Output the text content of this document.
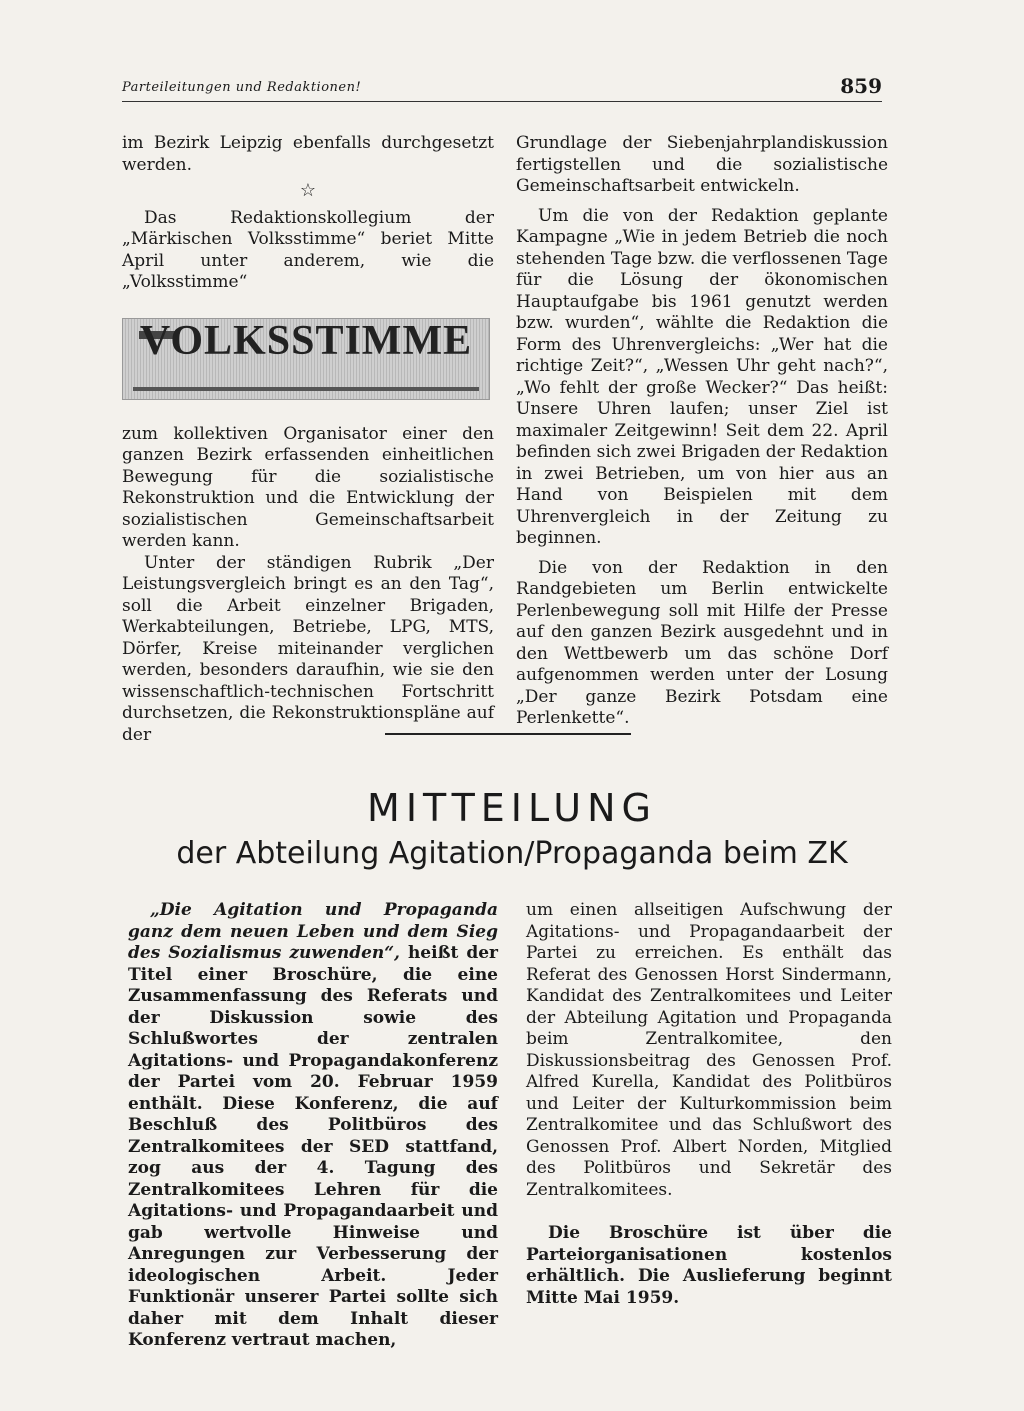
Parteileitungen und Redaktionen!	859

im Bezirk Leipzig ebenfalls durchgesetzt werden.

☆

Das Redaktionskollegium der „Märkischen Volksstimme“ beriet Mitte April unter anderem, wie die „Volksstimme“

VOLKSSTIMME

zum kollektiven Organisator einer den ganzen Bezirk erfassenden einheitlichen Bewegung für die sozialistische Rekonstruktion und die Entwicklung der sozialistischen Gemeinschaftsarbeit werden kann.

Unter der ständigen Rubrik „Der Leistungsvergleich bringt es an den Tag“, soll die Arbeit einzelner Brigaden, Werkabteilungen, Betriebe, LPG, MTS, Dörfer, Kreise miteinander verglichen werden, besonders daraufhin, wie sie den wissenschaftlich-technischen Fortschritt durchsetzen, die Rekonstruktionspläne auf der

Grundlage der Siebenjahrplandiskussion fertigstellen und die sozialistische Gemeinschaftsarbeit entwickeln.

Um die von der Redaktion geplante Kampagne „Wie in jedem Betrieb die noch stehenden Tage bzw. die verflossenen Tage für die Lösung der ökonomischen Hauptaufgabe bis 1961 genutzt werden bzw. wurden“, wählte die Redaktion die Form des Uhrenvergleichs: „Wer hat die richtige Zeit?“, „Wessen Uhr geht nach?“, „Wo fehlt der große Wecker?“ Das heißt: Unsere Uhren laufen; unser Ziel ist maximaler Zeitgewinn! Seit dem 22. April befinden sich zwei Brigaden der Redaktion in zwei Betrieben, um von hier aus an Hand von Beispielen mit dem Uhrenvergleich in der Zeitung zu beginnen.

Die von der Redaktion in den Randgebieten um Berlin entwickelte Perlenbewegung soll mit Hilfe der Presse auf den ganzen Bezirk ausgedehnt und in den Wettbewerb um das schöne Dorf aufgenommen werden unter der Losung „Der ganze Bezirk Potsdam eine Perlenkette“.

MITTEILUNG
der Abteilung Agitation/Propaganda beim ZK

„Die Agitation und Propaganda ganz dem neuen Leben und dem Sieg des Sozialismus zuwenden“, heißt der Titel einer Broschüre, die eine Zusammenfassung des Referats und der Diskussion sowie des Schlußwortes der zentralen Agitations- und Propagandakonferenz der Partei vom 20. Februar 1959 enthält. Diese Konferenz, die auf Beschluß des Politbüros des Zentralkomitees der SED stattfand, zog aus der 4. Tagung des Zentralkomitees Lehren für die Agitations- und Propagandaarbeit und gab wertvolle Hinweise und Anregungen zur Verbesserung der ideologischen Arbeit. Jeder Funktionär unserer Partei sollte sich daher mit dem Inhalt dieser Konferenz vertraut machen,

um einen allseitigen Aufschwung der Agitations- und Propagandaarbeit der Partei zu erreichen. Es enthält das Referat des Genossen Horst Sindermann, Kandidat des Zentralkomitees und Leiter der Abteilung Agitation und Propaganda beim Zentralkomitee, den Diskussionsbeitrag des Genossen Prof. Alfred Kurella, Kandidat des Politbüros und Leiter der Kulturkommission beim Zentralkomitee und das Schlußwort des Genossen Prof. Albert Norden, Mitglied des Politbüros und Sekretär des Zentralkomitees.

Die Broschüre ist über die Parteiorganisationen kostenlos erhältlich. Die Auslieferung beginnt Mitte Mai 1959.
